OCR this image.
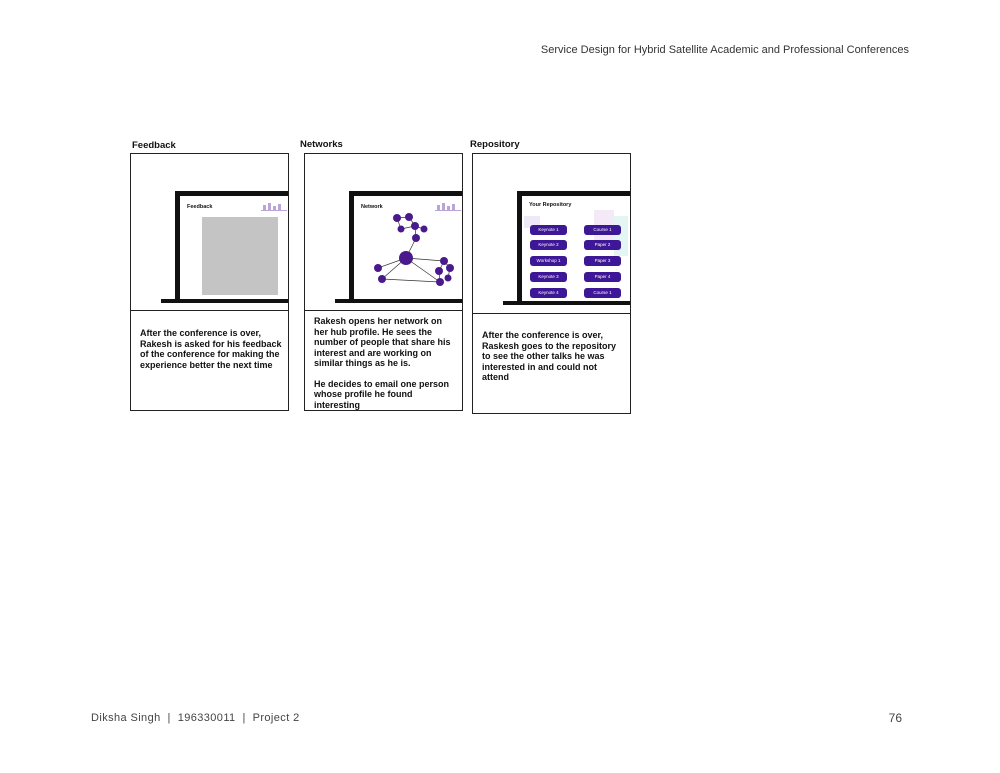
Service Design for Hybrid Satellite Academic and Professional Conferences
Feedback
Feedback

After the conference is over, Rakesh is asked for his feedback of the conference for making the experience better the next time

Networks
Network

Rakesh opens her network on her hub profile. He sees the number of people that share his interest and are working on similar things as he is.

He decides to email one person whose profile he found interesting

Repository
Your Repository
Keynote 1
Keynote 2
Workshop 1
Keynote 3
Keynote 4
Course 1
Paper 2
Paper 3
Paper 4
Course 1

After the conference is over, Raskesh goes to the repository to see the other talks he was interested in and could not attend

Diksha Singh  |  196330011  |  Project 2	76
